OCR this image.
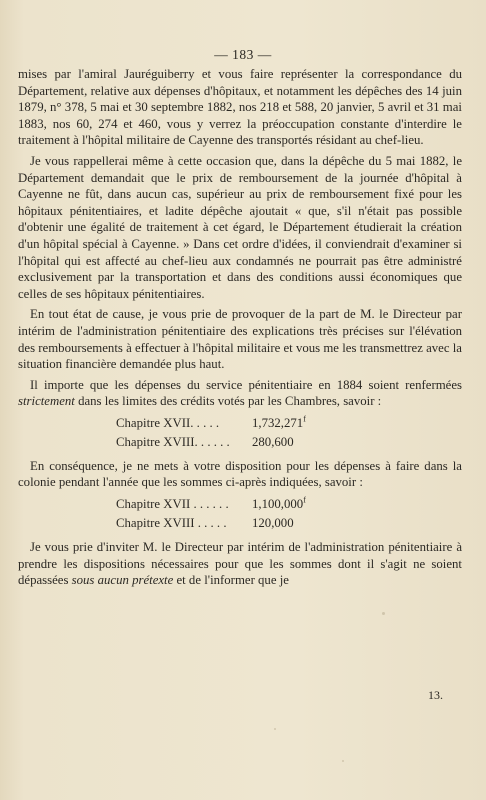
— 183 —

mises par l'amiral Jauréguiberry et vous faire représenter la correspondance du Département, relative aux dépenses d'hôpitaux, et notamment les dépêches des 14 juin 1879, n° 378, 5 mai et 30 septembre 1882, nos 218 et 588, 20 janvier, 5 avril et 31 mai 1883, nos 60, 274 et 460, vous y verrez la préoccupation constante d'interdire le traitement à l'hôpital militaire de Cayenne des transportés résidant au chef-lieu.

Je vous rappellerai même à cette occasion que, dans la dépêche du 5 mai 1882, le Département demandait que le prix de remboursement de la journée d'hôpital à Cayenne ne fût, dans aucun cas, supérieur au prix de remboursement fixé pour les hôpitaux pénitentiaires, et ladite dépêche ajoutait « que, s'il n'était pas possible d'obtenir une égalité de traitement à cet égard, le Département étudierait la création d'un hôpital spécial à Cayenne. » Dans cet ordre d'idées, il conviendrait d'examiner si l'hôpital qui est affecté au chef-lieu aux condamnés ne pourrait pas être administré exclusivement par la transportation et dans des conditions aussi économiques que celles de ses hôpitaux pénitentiaires.

En tout état de cause, je vous prie de provoquer de la part de M. le Directeur par intérim de l'administration pénitentiaire des explications très précises sur l'élévation des remboursements à effectuer à l'hôpital militaire et vous me les transmettrez avec la situation financière demandée plus haut.

Il importe que les dépenses du service pénitentiaire en 1884 soient renfermées strictement dans les limites des crédits votés par les Chambres, savoir :

Chapitre XVII. . . . .	1,732,271$^f$
Chapitre XVIII. . . . . .	280,600

En conséquence, je ne mets à votre disposition pour les dépenses à faire dans la colonie pendant l'année que les sommes ci-après indiquées, savoir :

Chapitre XVII . . . . . .	1,100,000$^f$
Chapitre XVIII . . . . .	120,000

Je vous prie d'inviter M. le Directeur par intérim de l'administration pénitentiaire à prendre les dispositions nécessaires pour que les sommes dont il s'agit ne soient dépassées sous aucun prétexte et de l'informer que je

13.
